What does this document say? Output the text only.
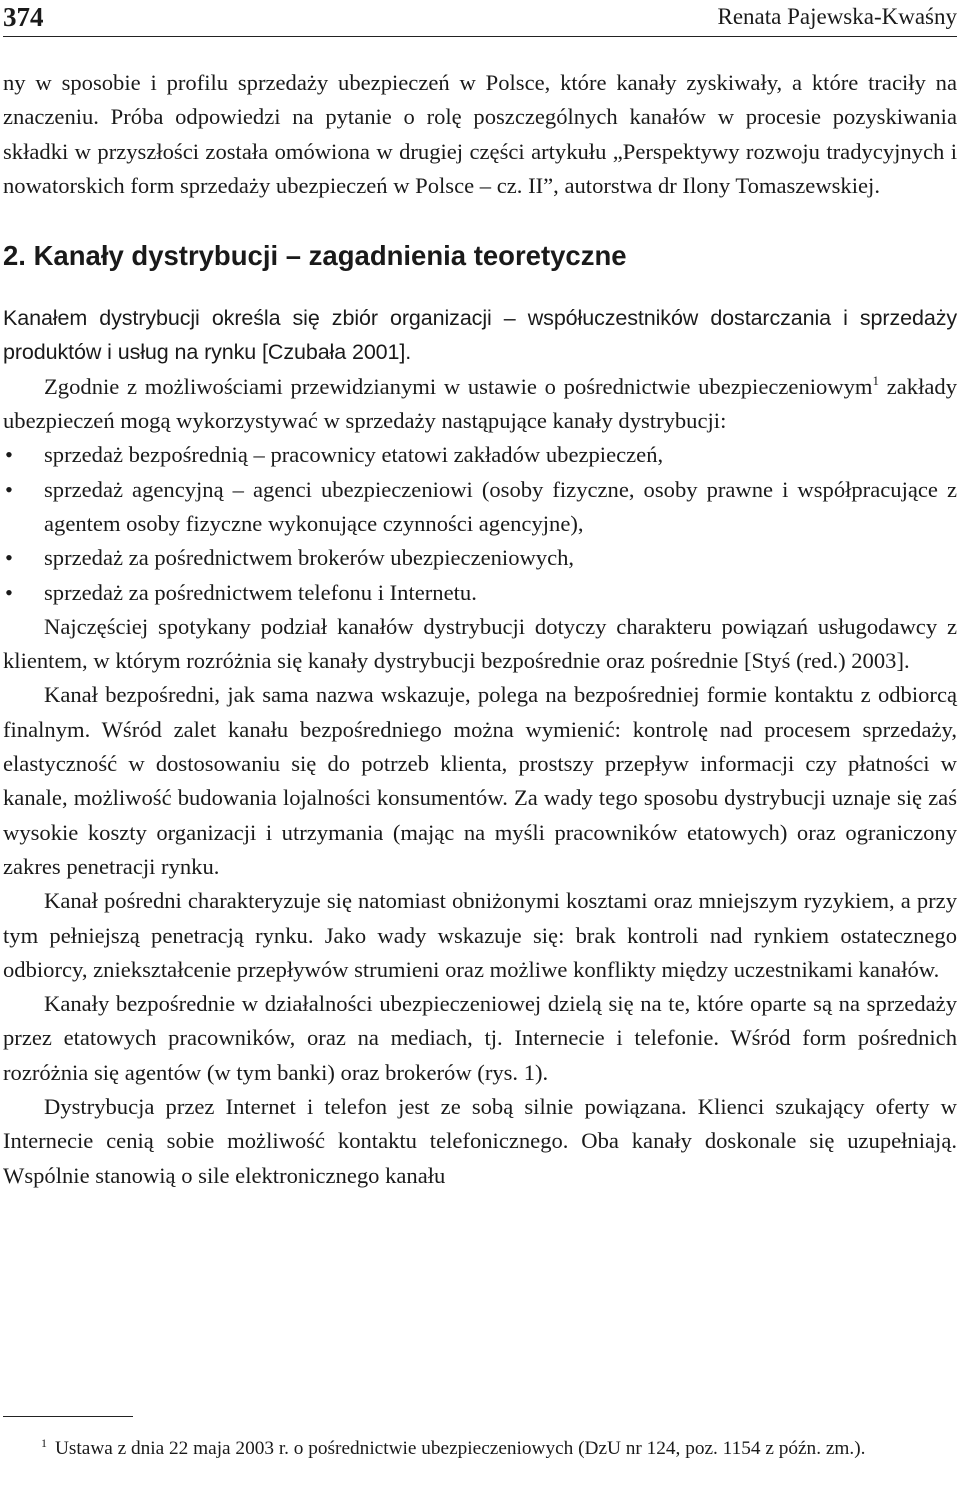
374	Renata Pajewska-Kwaśny

ny w sposobie i profilu sprzedaży ubezpieczeń w Polsce, które kanały zyskiwały, a które traciły na znaczeniu. Próba odpowiedzi na pytanie o rolę poszczególnych kanałów w procesie pozyskiwania składki w przyszłości została omówiona w drugiej części artykułu „Perspektywy rozwoju tradycyjnych i nowatorskich form sprzedaży ubezpieczeń w Polsce – cz. II”, autorstwa dr Ilony Tomaszewskiej.

2. Kanały dystrybucji – zagadnienia teoretyczne

Kanałem dystrybucji określa się zbiór organizacji – współuczestników dostarczania i sprzedaży produktów i usług na rynku [Czubała 2001].

Zgodnie z możliwościami przewidzianymi w ustawie o pośrednictwie ubezpieczeniowym$^1$ zakłady ubezpieczeń mogą wykorzystywać w sprzedaży nastąpujące kanały dystrybucji:

• sprzedaż bezpośrednią – pracownicy etatowi zakładów ubezpieczeń,
• sprzedaż agencyjną – agenci ubezpieczeniowi (osoby fizyczne, osoby prawne i współpracujące z agentem osoby fizyczne wykonujące czynności agencyjne),
• sprzedaż za pośrednictwem brokerów ubezpieczeniowych,
• sprzedaż za pośrednictwem telefonu i Internetu.

Najczęściej spotykany podział kanałów dystrybucji dotyczy charakteru powiązań usługodawcy z klientem, w którym rozróżnia się kanały dystrybucji bezpośrednie oraz pośrednie [Styś (red.) 2003].

Kanał bezpośredni, jak sama nazwa wskazuje, polega na bezpośredniej formie kontaktu z odbiorcą finalnym. Wśród zalet kanału bezpośredniego można wymienić: kontrolę nad procesem sprzedaży, elastyczność w dostosowaniu się do potrzeb klienta, prostszy przepływ informacji czy płatności w kanale, możliwość budowania lojalności konsumentów. Za wady tego sposobu dystrybucji uznaje się zaś wysokie koszty organizacji i utrzymania (mając na myśli pracowników etatowych) oraz ograniczony zakres penetracji rynku.

Kanał pośredni charakteryzuje się natomiast obniżonymi kosztami oraz mniejszym ryzykiem, a przy tym pełniejszą penetracją rynku. Jako wady wskazuje się: brak kontroli nad rynkiem ostatecznego odbiorcy, zniekształcenie przepływów strumieni oraz możliwe konflikty między uczestnikami kanałów.

Kanały bezpośrednie w działalności ubezpieczeniowej dzielą się na te, które oparte są na sprzedaży przez etatowych pracowników, oraz na mediach, tj. Internecie i telefonie. Wśród form pośrednich rozróżnia się agentów (w tym banki) oraz brokerów (rys. 1).

Dystrybucja przez Internet i telefon jest ze sobą silnie powiązana. Klienci szukający oferty w Internecie cenią sobie możliwość kontaktu telefonicznego. Oba kanały doskonale się uzupełniają. Wspólnie stanowią o sile elektronicznego kanału

$^1$ Ustawa z dnia 22 maja 2003 r. o pośrednictwie ubezpieczeniowych (DzU nr 124, poz. 1154 z późn. zm.).
